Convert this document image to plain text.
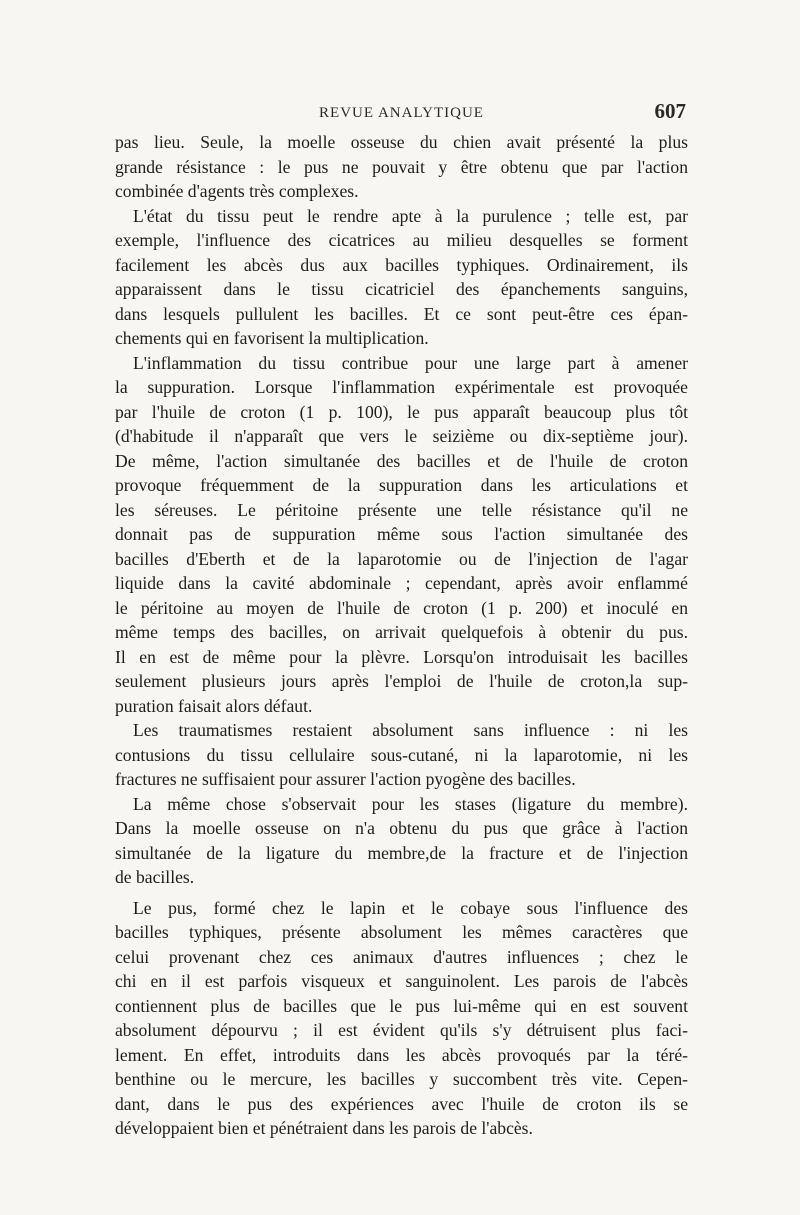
REVUE ANALYTIQUE	607
pas lieu. Seule, la moelle osseuse du chien avait présenté la plus
grande résistance : le pus ne pouvait y être obtenu que par l'action
combinée d'agents très complexes.
L'état du tissu peut le rendre apte à la purulence ; telle est, par
exemple, l'influence des cicatrices au milieu desquelles se forment
facilement les abcès dus aux bacilles typhiques. Ordinairement, ils
apparaissent dans le tissu cicatriciel des épanchements sanguins,
dans lesquels pullulent les bacilles. Et ce sont peut-être ces épan-
chements qui en favorisent la multiplication.
L'inflammation du tissu contribue pour une large part à amener
la suppuration. Lorsque l'inflammation expérimentale est provoquée
par l'huile de croton (1 p. 100), le pus apparaît beaucoup plus tôt
(d'habitude il n'apparaît que vers le seizième ou dix-septième jour).
De même, l'action simultanée des bacilles et de l'huile de croton
provoque fréquemment de la suppuration dans les articulations et
les séreuses. Le péritoine présente une telle résistance qu'il ne
donnait pas de suppuration même sous l'action simultanée des
bacilles d'Eberth et de la laparotomie ou de l'injection de l'agar
liquide dans la cavité abdominale ; cependant, après avoir enflammé
le péritoine au moyen de l'huile de croton (1 p. 200) et inoculé en
même temps des bacilles, on arrivait quelquefois à obtenir du pus.
Il en est de même pour la plèvre. Lorsqu'on introduisait les bacilles
seulement plusieurs jours après l'emploi de l'huile de croton,la sup-
puration faisait alors défaut.
Les traumatismes restaient absolument sans influence : ni les
contusions du tissu cellulaire sous-cutané, ni la laparotomie, ni les
fractures ne suffisaient pour assurer l'action pyogène des bacilles.
La même chose s'observait pour les stases (ligature du membre).
Dans la moelle osseuse on n'a obtenu du pus que grâce à l'action
simultanée de la ligature du membre,de la fracture et de l'injection
de bacilles.
Le pus, formé chez le lapin et le cobaye sous l'influence des
bacilles typhiques, présente absolument les mêmes caractères que
celui provenant chez ces animaux d'autres influences ; chez le
chi en il est parfois visqueux et sanguinolent. Les parois de l'abcès
contiennent plus de bacilles que le pus lui-même qui en est souvent
absolument dépourvu ; il est évident qu'ils s'y détruisent plus faci-
lement. En effet, introduits dans les abcès provoqués par la téré-
benthine ou le mercure, les bacilles y succombent très vite. Cepen-
dant, dans le pus des expériences avec l'huile de croton ils se
développaient bien et pénétraient dans les parois de l'abcès.
